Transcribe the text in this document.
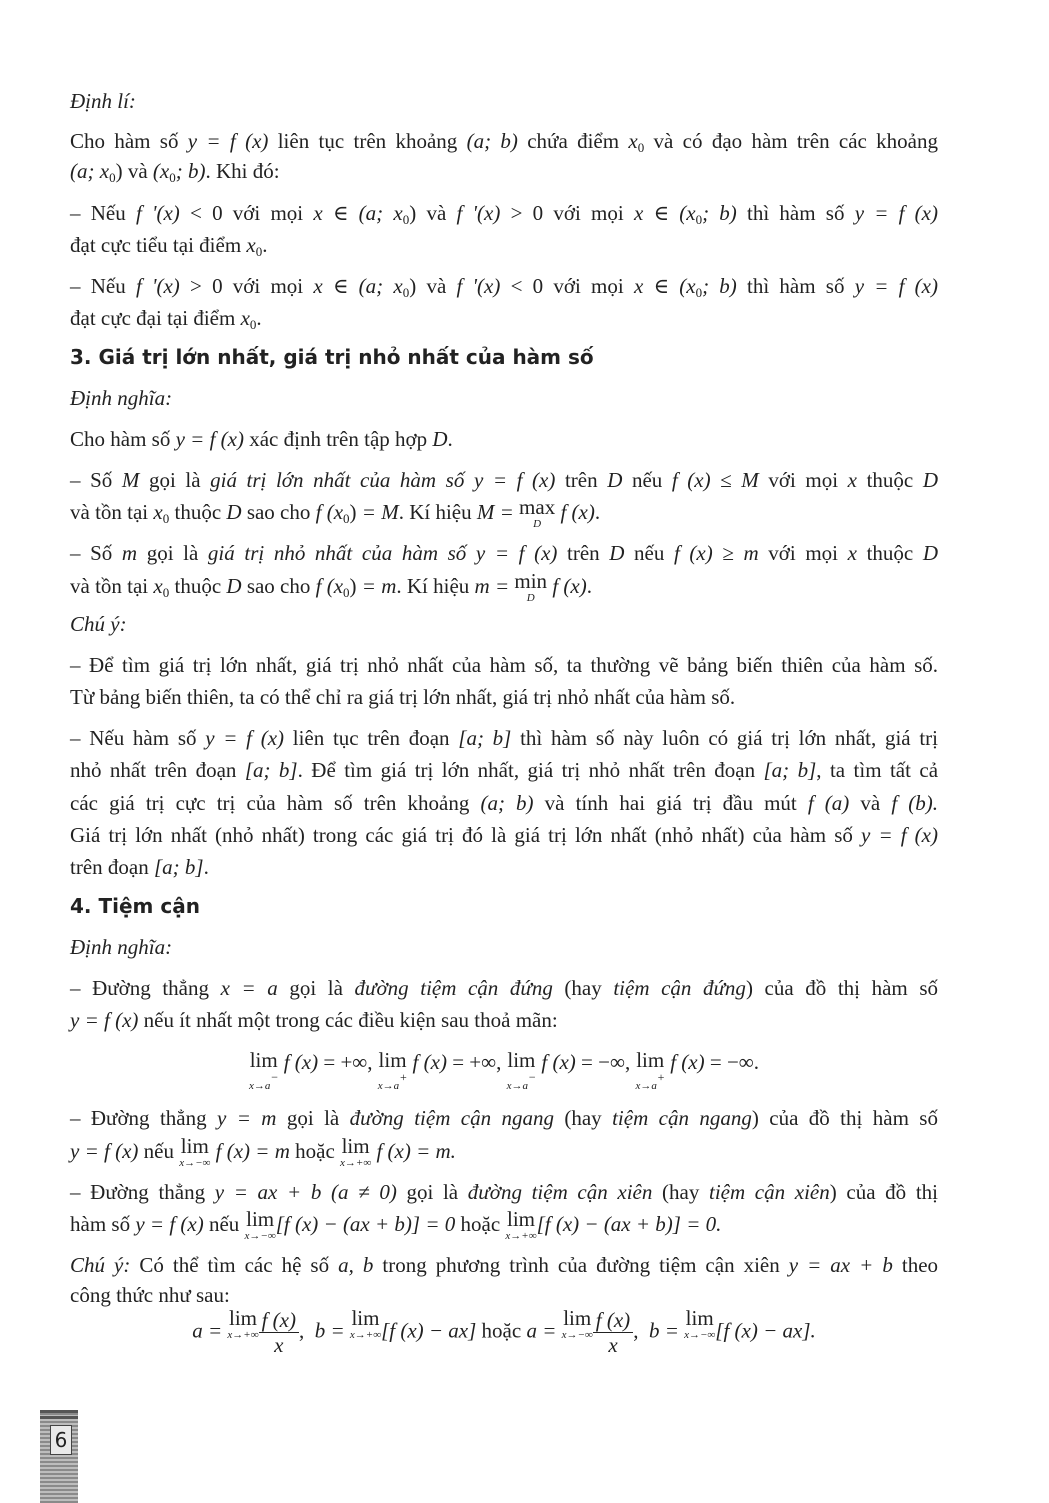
Định lí:
Cho hàm số y = f (x) liên tục trên khoảng (a; b) chứa điểm $x_0$ và có đạo hàm trên các khoảng
(a; $x_0$) và ($x_0$; b). Khi đó:
– Nếu f '(x) < 0 với mọi x ∈ (a; $x_0$) và f '(x) > 0 với mọi x ∈ ($x_0$; b) thì hàm số y = f (x)
đạt cực tiểu tại điểm $x_0$.
– Nếu f '(x) > 0 với mọi x ∈ (a; $x_0$) và f '(x) < 0 với mọi x ∈ ($x_0$; b) thì hàm số y = f (x)
đạt cực đại tại điểm $x_0$.
3. Giá trị lớn nhất, giá trị nhỏ nhất của hàm số
Định nghĩa:
Cho hàm số y = f (x) xác định trên tập hợp D.
– Số M gọi là giá trị lớn nhất của hàm số y = f (x) trên D nếu f (x) ≤ M với mọi x thuộc D
và tồn tại $x_0$ thuộc D sao cho f $(x_0) = M$. Kí hiệu M = max
D f (x).
– Số m gọi là giá trị nhỏ nhất của hàm số y = f (x) trên D nếu f (x) ≥ m với mọi x thuộc D
và tồn tại $x_0$ thuộc D sao cho f $(x_0) = m$. Kí hiệu m = min
D f (x).
Chú ý:
– Để tìm giá trị lớn nhất, giá trị nhỏ nhất của hàm số, ta thường vẽ bảng biến thiên của hàm số.
Từ bảng biến thiên, ta có thể chỉ ra giá trị lớn nhất, giá trị nhỏ nhất của hàm số.
– Nếu hàm số y = f (x) liên tục trên đoạn [a; b] thì hàm số này luôn có giá trị lớn nhất, giá trị
nhỏ nhất trên đoạn [a; b]. Để tìm giá trị lớn nhất, giá trị nhỏ nhất trên đoạn [a; b], ta tìm tất cả
các giá trị cực trị của hàm số trên khoảng (a; b) và tính hai giá trị đầu mút f (a) và f (b).
Giá trị lớn nhất (nhỏ nhất) trong các giá trị đó là giá trị lớn nhất (nhỏ nhất) của hàm số y = f (x)
trên đoạn [a; b].
4. Tiệm cận
Định nghĩa:
– Đường thẳng x = a gọi là đường tiệm cận đứng (hay tiệm cận đứng) của đồ thị hàm số
y = f (x) nếu ít nhất một trong các điều kiện sau thoả mãn:
lim
x→a−
f (x) = +∞, lim
x→a+
f (x) = +∞, lim
x→a−
f (x) = −∞, lim
x→a+
f (x) = −∞.
– Đường thẳng y = m gọi là đường tiệm cận ngang (hay tiệm cận ngang) của đồ thị hàm số
y = f (x) nếu lim
x→−∞ f (x) = m hoặc lim
x→+∞ f (x) = m.
– Đường thẳng y = ax + b (a ≠ 0) gọi là đường tiệm cận xiên (hay tiệm cận xiên) của đồ thị
hàm số y = f (x) nếu lim
x→−∞ [f (x) − (ax + b)] = 0 hoặc lim
x→+∞ [f (x) − (ax + b)] = 0.
Chú ý: Có thể tìm các hệ số a, b trong phương trình của đường tiệm cận xiên y = ax + b theo
công thức như sau:
a = lim
$x\to+\infty \frac{f (x)}{x}$ , b = lim
x→+∞ [f (x) − ax] hoặc a = lim
$x\to-\infty \frac{f (x)}{x}$ , b = lim
x→−∞ [f (x) − ax].
6
